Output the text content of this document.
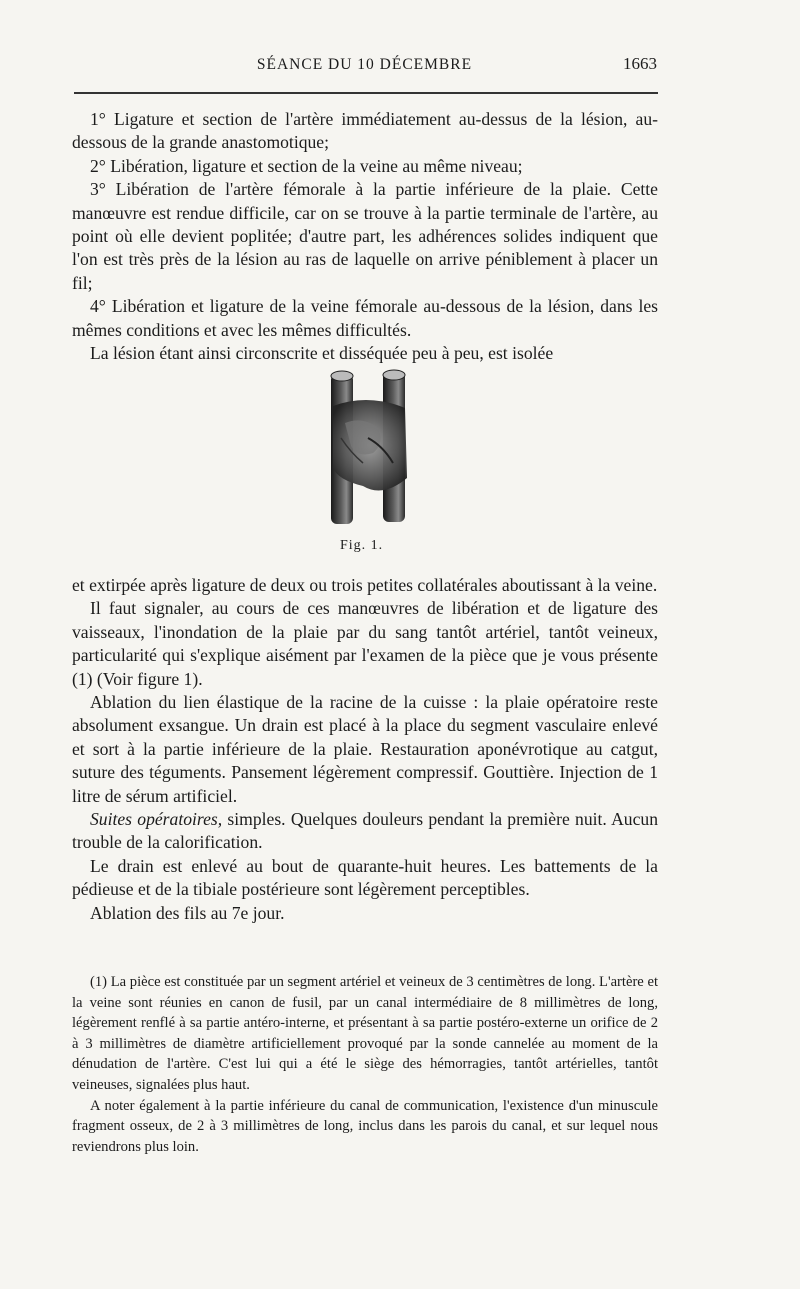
SÉANCE DU 10 DÉCEMBRE	1663

1° Ligature et section de l'artère immédiatement au-dessus de la lésion, au-dessous de la grande anastomotique;

2° Libération, ligature et section de la veine au même niveau;

3° Libération de l'artère fémorale à la partie inférieure de la plaie. Cette manœuvre est rendue difficile, car on se trouve à la partie terminale de l'artère, au point où elle devient poplitée; d'autre part, les adhérences solides indiquent que l'on est très près de la lésion au ras de laquelle on arrive péniblement à placer un fil;

4° Libération et ligature de la veine fémorale au-dessous de la lésion, dans les mêmes conditions et avec les mêmes difficultés.

La lésion étant ainsi circonscrite et disséquée peu à peu, est isolée

Fig. 1.

et extirpée après ligature de deux ou trois petites collatérales aboutissant à la veine.

Il faut signaler, au cours de ces manœuvres de libération et de ligature des vaisseaux, l'inondation de la plaie par du sang tantôt artériel, tantôt veineux, particularité qui s'explique aisément par l'examen de la pièce que je vous présente (1) (Voir figure 1).

Ablation du lien élastique de la racine de la cuisse : la plaie opératoire reste absolument exsangue. Un drain est placé à la place du segment vasculaire enlevé et sort à la partie inférieure de la plaie. Restauration aponévrotique au catgut, suture des téguments. Pansement légèrement compressif. Gouttière. Injection de 1 litre de sérum artificiel.

Suites opératoires, simples. Quelques douleurs pendant la première nuit. Aucun trouble de la calorification.

Le drain est enlevé au bout de quarante-huit heures. Les battements de la pédieuse et de la tibiale postérieure sont légèrement perceptibles.

Ablation des fils au 7e jour.

(1) La pièce est constituée par un segment artériel et veineux de 3 centimètres de long. L'artère et la veine sont réunies en canon de fusil, par un canal intermédiaire de 8 millimètres de long, légèrement renflé à sa partie antéro-interne, et présentant à sa partie postéro-externe un orifice de 2 à 3 millimètres de diamètre artificiellement provoqué par la sonde cannelée au moment de la dénudation de l'artère. C'est lui qui a été le siège des hémorragies, tantôt artérielles, tantôt veineuses, signalées plus haut.

A noter également à la partie inférieure du canal de communication, l'existence d'un minuscule fragment osseux, de 2 à 3 millimètres de long, inclus dans les parois du canal, et sur lequel nous reviendrons plus loin.
